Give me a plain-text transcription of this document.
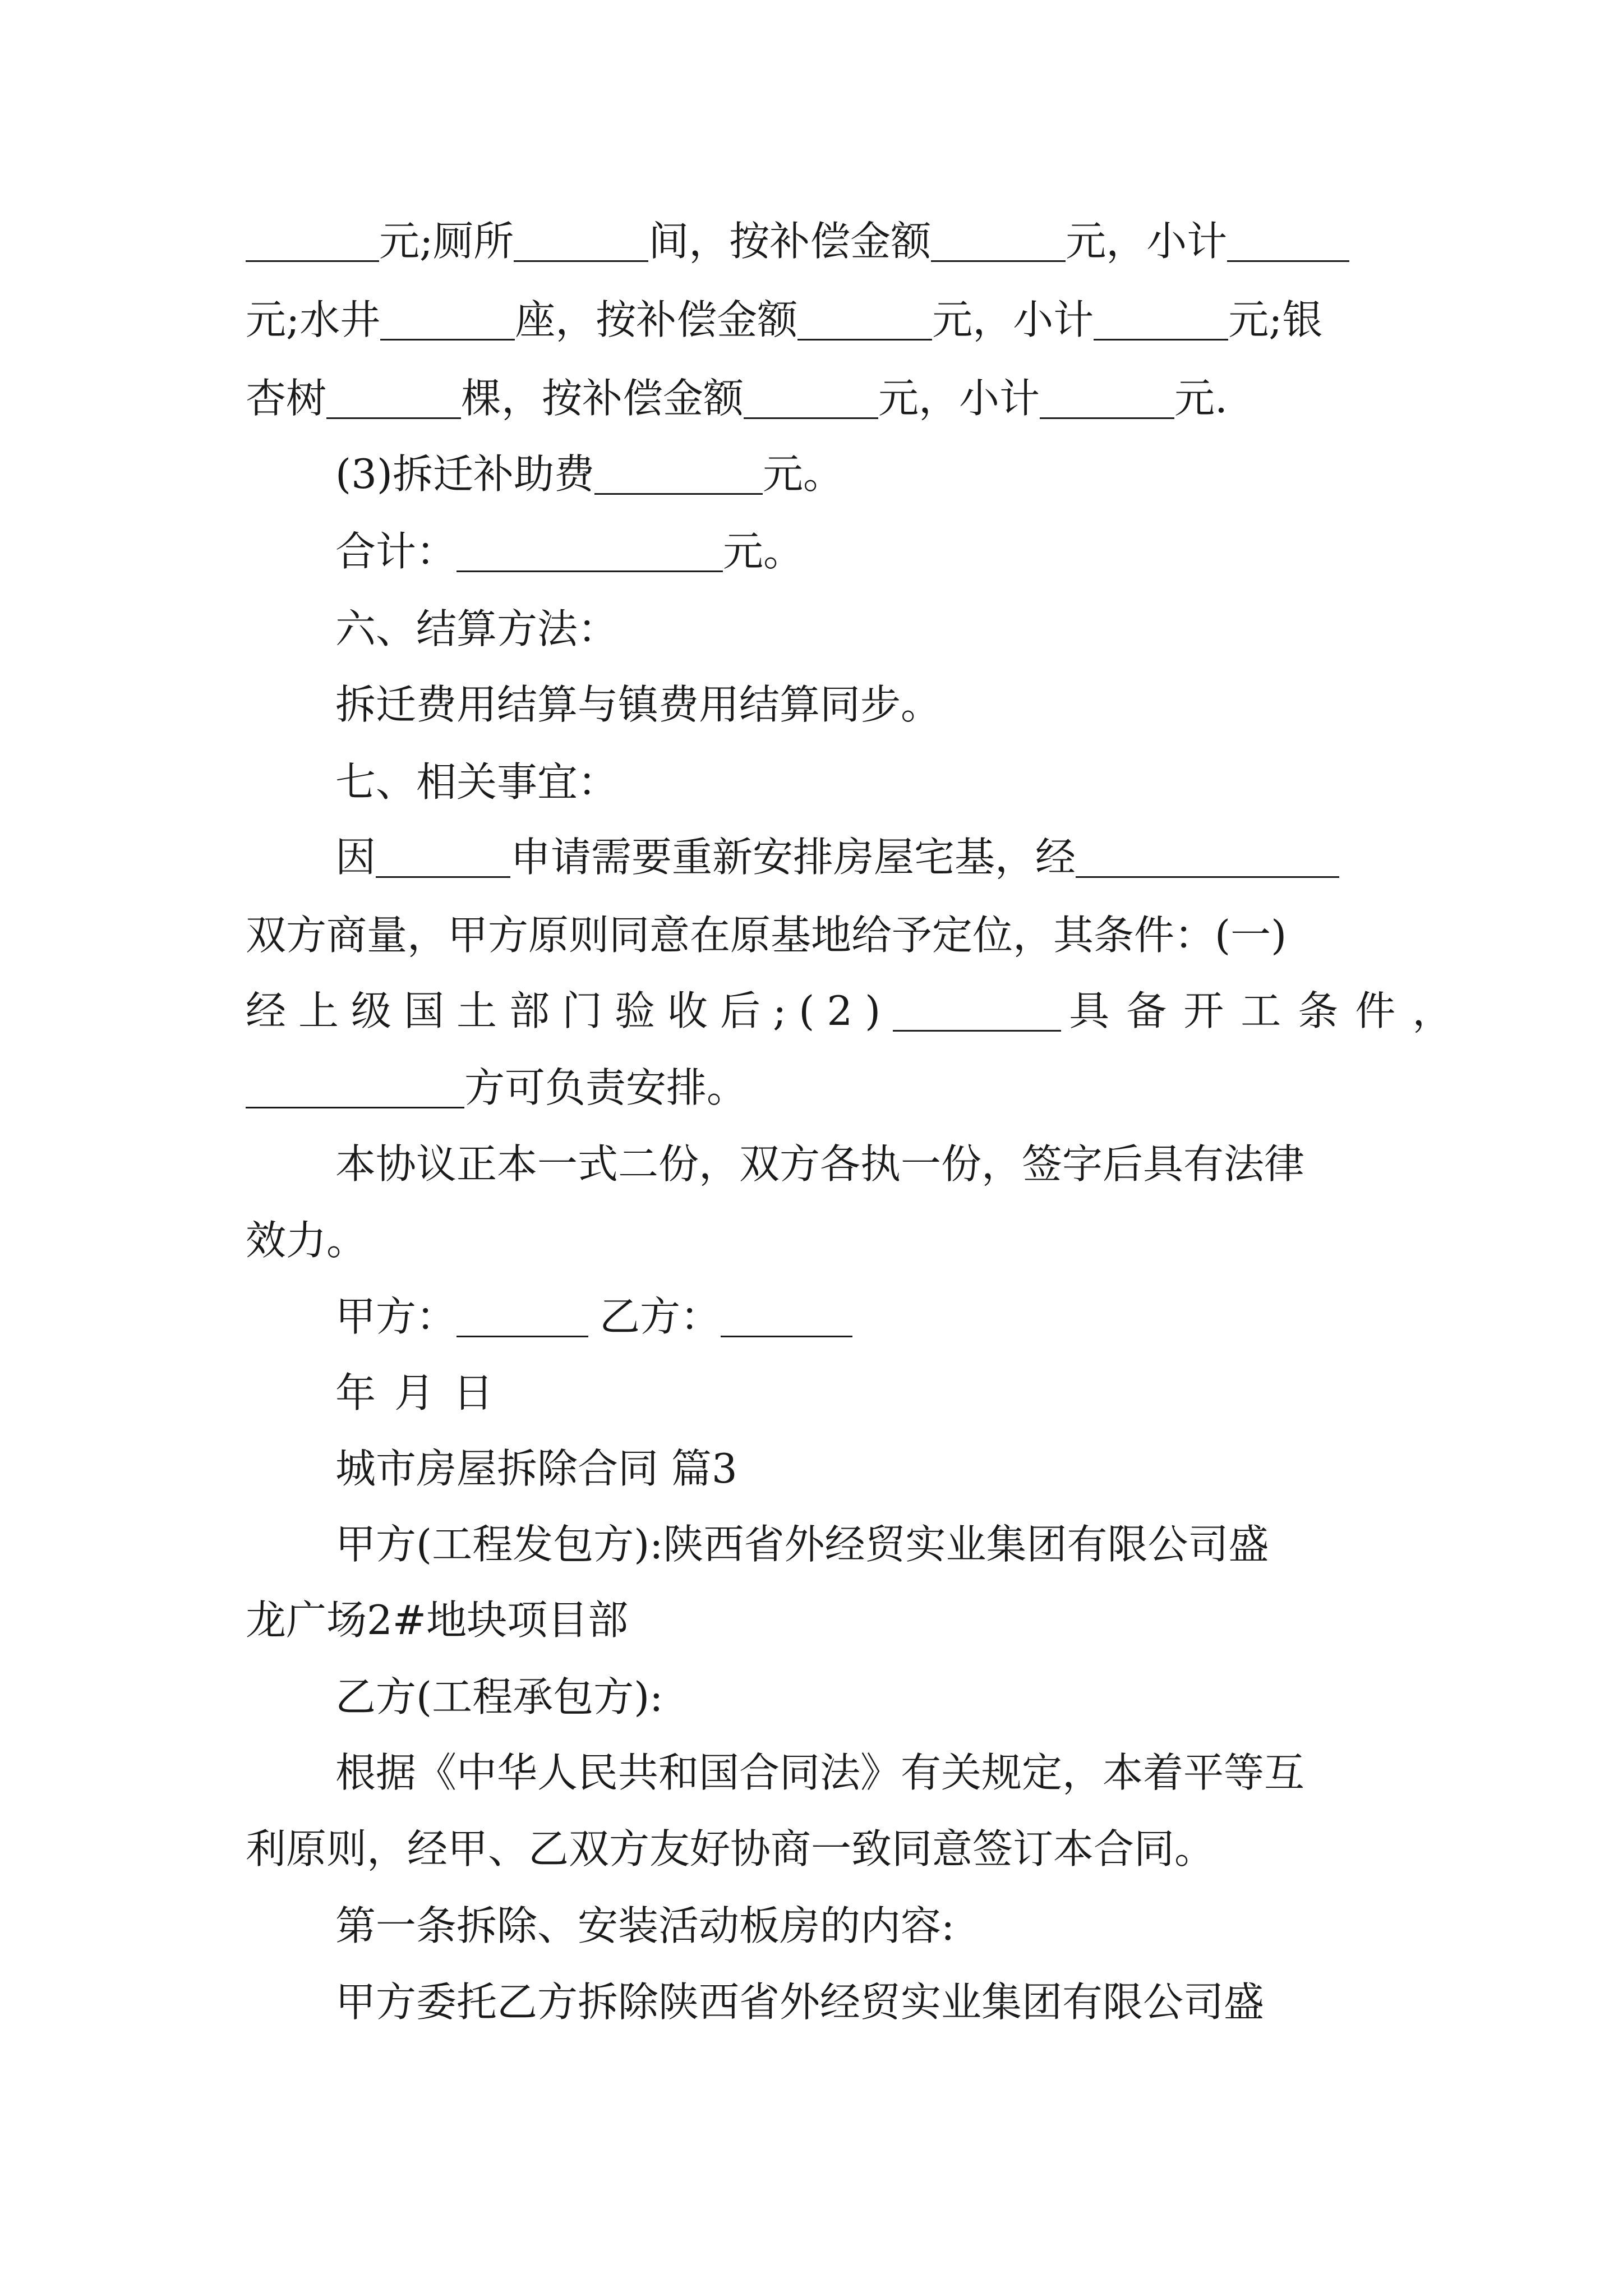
元;厕所	间，按补偿金额	元，小计
元;水井	座，按补偿金额	元，小计	元;银
杏树	棵，按补偿金额	元，小计	元.
(3)拆迁补助费	元。
合计：	元。
六、结算方法：
拆迁费用结算与镇费用结算同步。
七、相关事宜：
因	申请需要重新安排房屋宅基，经
双方商量，甲方原则同意在原基地给予定位，其条件：(一)
经上级国土部门验收后;(2)	具备开工条件，
方可负责安排。
本协议正本一式二份，双方各执一份，签字后具有法律
效力。
甲方：	乙方：
年 月 日
城市房屋拆除合同 篇3
甲方(工程发包方):陕西省外经贸实业集团有限公司盛
龙广场2#地块项目部
乙方(工程承包方):
根据《中华人民共和国合同法》有关规定，本着平等互
利原则，经甲、乙双方友好协商一致同意签订本合同。
第一条拆除、安装活动板房的内容:
甲方委托乙方拆除陕西省外经贸实业集团有限公司盛
